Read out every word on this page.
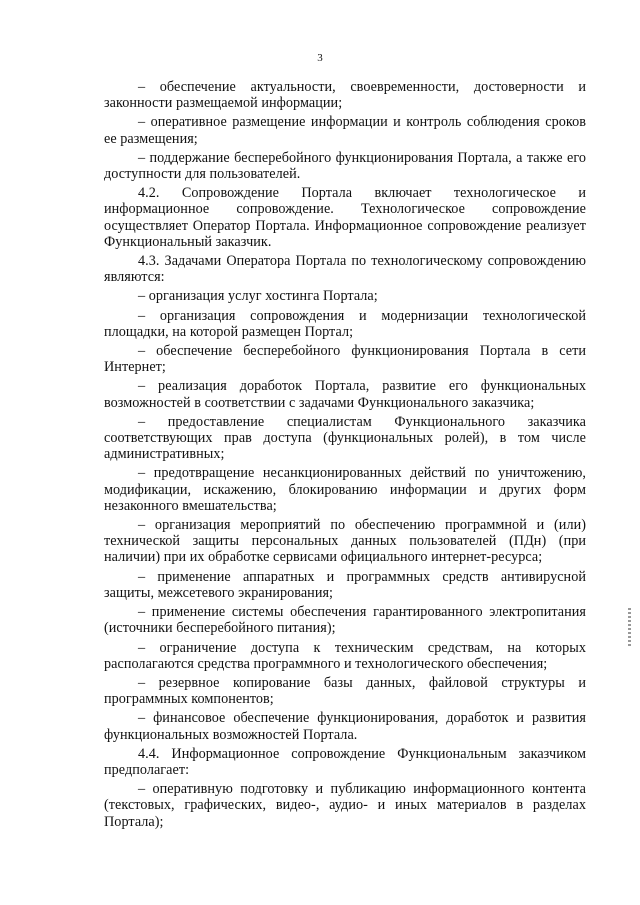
3

– обеспечение актуальности, своевременности, достоверности и законности размещаемой информации;

– оперативное размещение информации и контроль соблюдения сроков ее размещения;

– поддержание бесперебойного функционирования Портала, а также его доступности для пользователей.

4.2. Сопровождение Портала включает технологическое и информационное сопровождение. Технологическое сопровождение осуществляет Оператор Портала. Информационное сопровождение реализует Функциональный заказчик.

4.3. Задачами Оператора Портала по технологическому сопровождению являются:

– организация услуг хостинга Портала;

– организация сопровождения и модернизации технологической площадки, на которой размещен Портал;

– обеспечение бесперебойного функционирования Портала в сети Интернет;

– реализация доработок Портала, развитие его функциональных возможностей в соответствии с задачами Функционального заказчика;

– предоставление специалистам Функционального заказчика соответствующих прав доступа (функциональных ролей), в том числе административных;

– предотвращение несанкционированных действий по уничтожению, модификации, искажению, блокированию информации и других форм незаконного вмешательства;

– организация мероприятий по обеспечению программной и (или) технической защиты персональных данных пользователей (ПДн) (при наличии) при их обработке сервисами официального интернет-ресурса;

– применение аппаратных и программных средств антивирусной защиты, межсетевого экранирования;

– применение системы обеспечения гарантированного электропитания (источники бесперебойного питания);

– ограничение доступа к техническим средствам, на которых располагаются средства программного и технологического обеспечения;

– резервное копирование базы данных, файловой структуры и программных компонентов;

– финансовое обеспечение функционирования, доработок и развития функциональных возможностей Портала.

4.4. Информационное сопровождение Функциональным заказчиком предполагает:

– оперативную подготовку и публикацию информационного контента (текстовых, графических, видео-, аудио- и иных материалов в разделах Портала);
